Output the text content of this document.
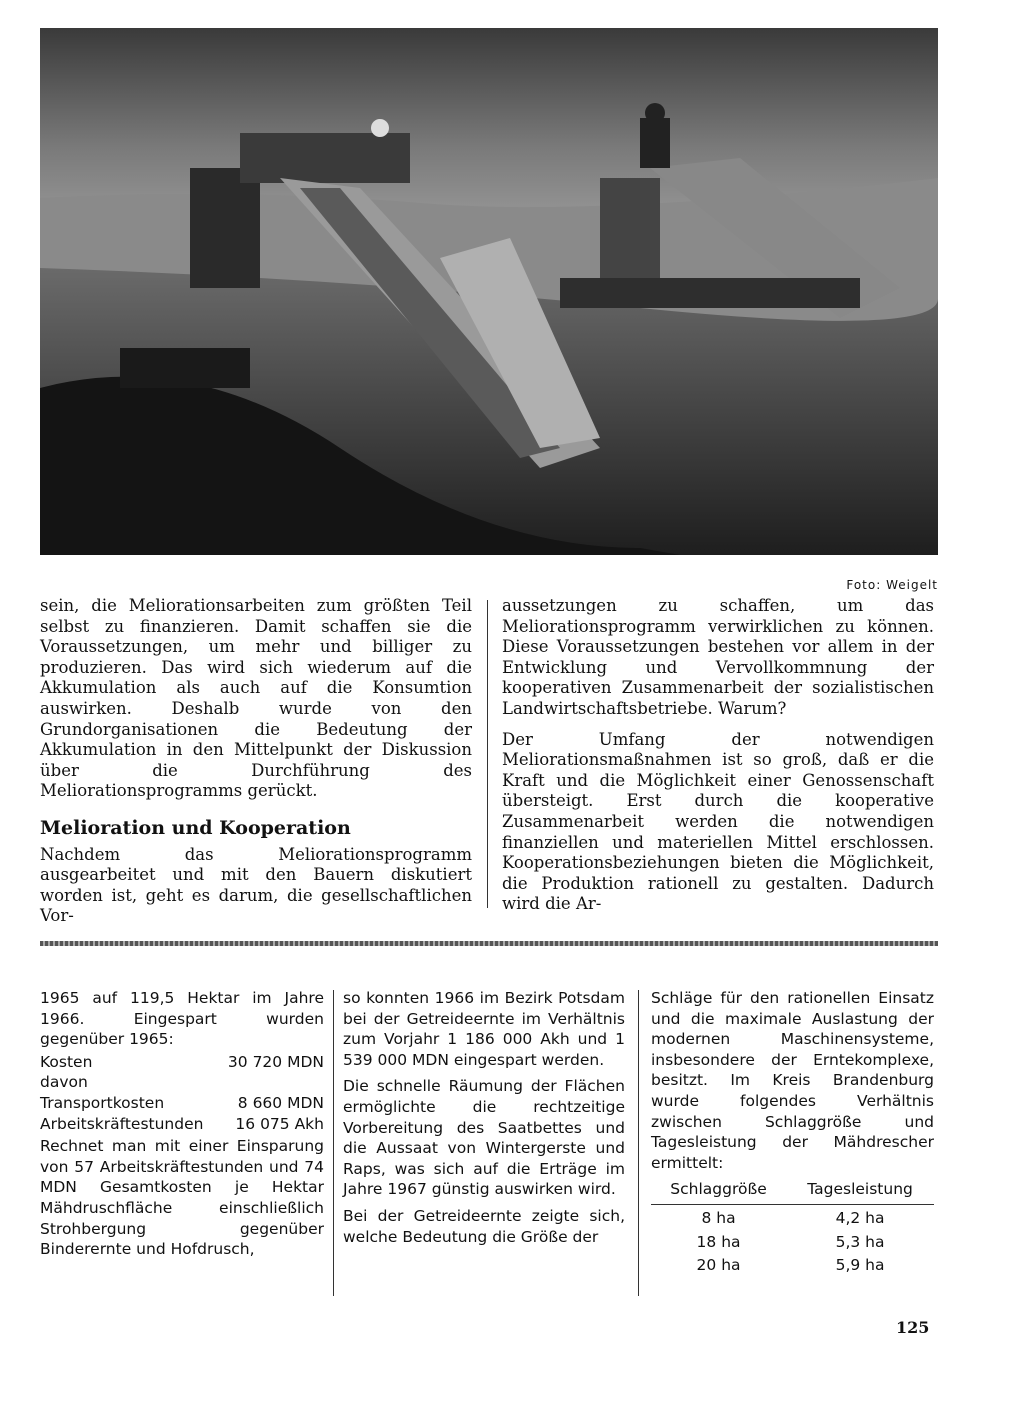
Foto: Weigelt

sein, die Meliorationsarbeiten zum größten Teil selbst zu finanzieren. Damit schaffen sie die Voraussetzungen, um mehr und billiger zu produzieren. Das wird sich wiederum auf die Akkumulation als auch auf die Konsumtion auswirken. Deshalb wurde von den Grundorganisationen die Bedeutung der Akkumulation in den Mittelpunkt der Diskussion über die Durchführung des Meliorationsprogramms gerückt.

Melioration und Kooperation

Nachdem das Meliorationsprogramm ausgearbeitet und mit den Bauern diskutiert worden ist, geht es darum, die gesellschaftlichen Vor-

aussetzungen zu schaffen, um das Meliorationsprogramm verwirklichen zu können. Diese Voraussetzungen bestehen vor allem in der Entwicklung und Vervollkommnung der kooperativen Zusammenarbeit der sozialistischen Landwirtschaftsbetriebe. Warum?

Der Umfang der notwendigen Meliorationsmaßnahmen ist so groß, daß er die Kraft und die Möglichkeit einer Genossenschaft übersteigt. Erst durch die kooperative Zusammenarbeit werden die notwendigen finanziellen und materiellen Mittel erschlossen. Kooperationsbeziehungen bieten die Möglichkeit, die Produktion rationell zu gestalten. Dadurch wird die Ar-

1965 auf 119,5 Hektar im Jahre 1966. Eingespart wurden gegenüber 1965:

Kosten	30 720 MDN
davon Transportkosten	8 660 MDN
Arbeitskräftestunden 16 075 Akh

Rechnet man mit einer Einsparung von 57 Arbeitskräftestunden und 74 MDN Gesamtkosten je Hektar Mähdruschfläche einschließlich Strohbergung gegenüber Binderernte und Hofdrusch,

so konnten 1966 im Bezirk Potsdam bei der Getreideernte im Verhältnis zum Vorjahr 1 186 000 Akh und 1 539 000 MDN eingespart werden.

Die schnelle Räumung der Flächen ermöglichte die rechtzeitige Vorbereitung des Saatbettes und die Aussaat von Wintergerste und Raps, was sich auf die Erträge im Jahre 1967 günstig auswirken wird.

Bei der Getreideernte zeigte sich, welche Bedeutung die Größe der

Schläge für den rationellen Einsatz und die maximale Auslastung der modernen Maschinensysteme, insbesondere der Erntekomplexe, besitzt. Im Kreis Brandenburg wurde folgendes Verhältnis zwischen Schlaggröße und Tagesleistung der Mähdrescher ermittelt:

Schlaggröße	Tagesleistung
8 ha	4,2 ha
18 ha	5,3 ha
20 ha	5,9 ha
125
